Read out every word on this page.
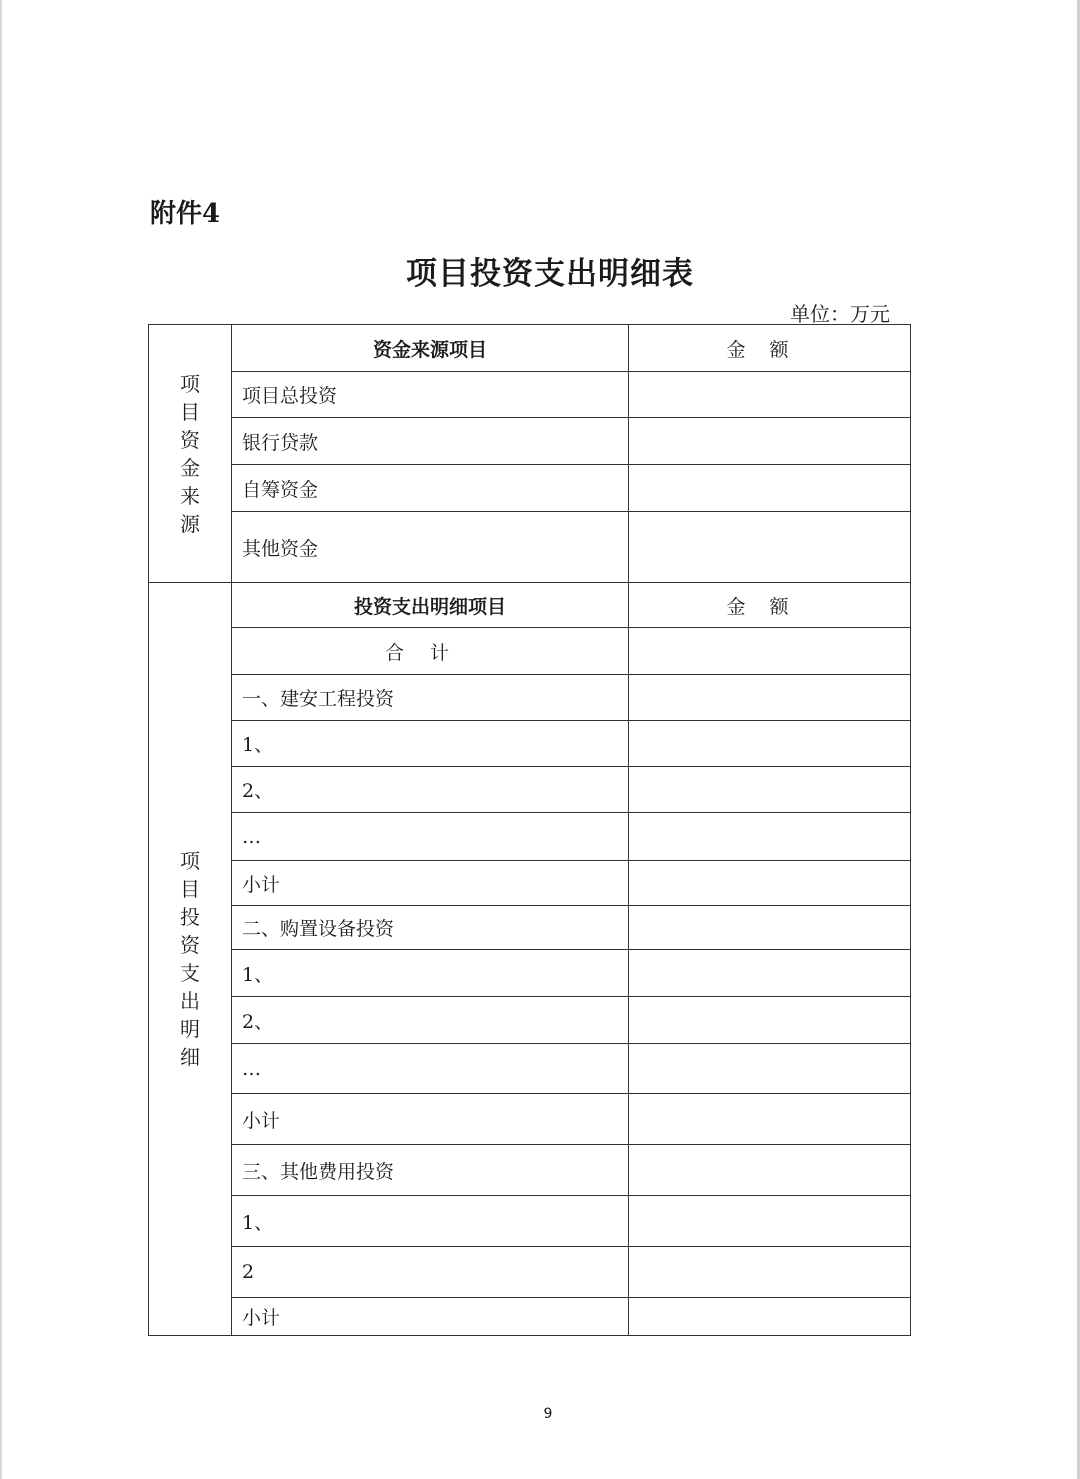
附件4
项目投资支出明细表
单位：万元
项目资金来源	资金来源项目	金额
	项目总投资	
	银行贷款	
	自筹资金	
	其他资金	
项目投资支出明细	投资支出明细项目	金额
	合计	
	一、建安工程投资	
	1、	
	2、	
	…	
	小计	
	二、购置设备投资	
	1、	
	2、	
	…	
	小计	
	三、其他费用投资	
	1、	
	2	
	小计	
9
